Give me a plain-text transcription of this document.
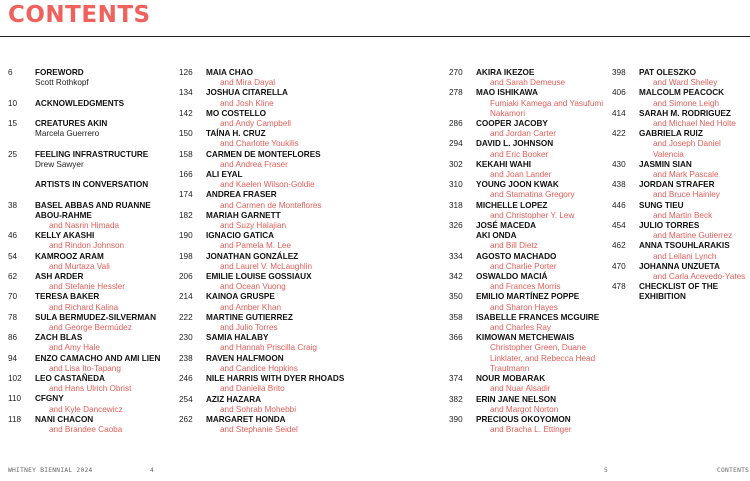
CONTENTS
6	FOREWORD
Scott Rothkopf
10	ACKNOWLEDGMENTS
15	CREATURES AKIN
Marcela Guerrero
25	FEELING INFRASTRUCTURE
Drew Sawyer
ARTISTS IN CONVERSATION
38	BASEL ABBAS AND RUANNE ABOU-RAHME
and Nasrin Himada
46	KELLY AKASHI
and Rindon Johnson
54	KAMROOZ ARAM
and Murtaza Vali
62	ASH ARDER
and Stefanie Hessler
70	TERESA BAKER
and Richard Kalina
78	SULA BERMUDEZ-SILVERMAN
and George Bermúdez
86	ZACH BLAS
and Amy Hale
94	ENZO CAMACHO AND AMI LIEN
and Lisa Ito-Tapang
102	LEO CASTAÑEDA
and Hans Ulrich Obrist
110	CFGNY
and Kyle Dancewicz
118	NANI CHACON
and Brandee Caoba
126	MAIA CHAO
and Mira Dayal
134	JOSHUA CITARELLA
and Josh Kline
142	MO COSTELLO
and Andy Campbell
150	TAÍNA H. CRUZ
and Charlotte Youkilis
158	CARMEN DE MONTEFLORES
and Andrea Fraser
166	ALI EYAL
and Kaelen Wilson-Goldie
174	ANDREA FRASER
and Carmen de Monteflores
182	MARIAH GARNETT
and Suzy Halajian
190	IGNACIO GATICA
and Pamela M. Lee
198	JONATHAN GONZÁLEZ
and Laurel V. McLaughlin
206	EMILIE LOUISE GOSSIAUX
and Ocean Vuong
214	KAINOA GRUSPE
and Amber Khan
222	MARTINE GUTIERREZ
and Julio Torres
230	SAMIA HALABY
and Hannah Priscilla Craig
238	RAVEN HALFMOON
and Candice Hopkins
246	NILE HARRIS WITH DYER RHOADS
and Daniella Brito
254	AZIZ HAZARA
and Sohrab Mohebbi
262	MARGARET HONDA
and Stephanie Seidel
270	AKIRA IKEZOE
and Sarah Demeuse
278	MAO ISHIKAWA
Fumiaki Kamega and Yasufumi Nakamori
286	COOPER JACOBY
and Jordan Carter
294	DAVID L. JOHNSON
and Eric Booker
302	KEKAHI WAHI
and Joan Lander
310	YOUNG JOON KWAK
and Stamatina Gregory
318	MICHELLE LOPEZ
and Christopher Y. Lew
326	JOSÉ MACEDA
AKI ONDA
and Bill Dietz
334	AGOSTO MACHADO
and Charlie Porter
342	OSWALDO MACIÁ
and Frances Morris
350	EMILIO MARTÍNEZ POPPE
and Sharon Hayes
358	ISABELLE FRANCES MCGUIRE
and Charles Ray
366	KIMOWAN METCHEWAIS
Christopher Green, Duane Linklater, and Rebecca Head Trautmann
374	NOUR MOBARAK
and Nuar Alsadir
382	ERIN JANE NELSON
and Margot Norton
390	PRECIOUS OKOYOMON
and Bracha L. Ettinger
398	PAT OLESZKO
and Ward Shelley
406	MALCOLM PEACOCK
and Simone Leigh
414	SARAH M. RODRIGUEZ
and Michael Ned Holte
422	GABRIELA RUIZ
and Joseph Daniel Valencia
430	JASMIN SIAN
and Mark Pascale
438	JORDAN STRAFER
and Bruce Hainley
446	SUNG TIEU
and Martin Beck
454	JULIO TORRES
and Martine Gutierrez
462	ANNA TSOUHLARAKIS
and Leilani Lynch
470	JOHANNA UNZUETA
and Carla Acevedo-Yates
478	CHECKLIST OF THE EXHIBITION
WHITNEY BIENNIAL 2024	4	5	CONTENTS
